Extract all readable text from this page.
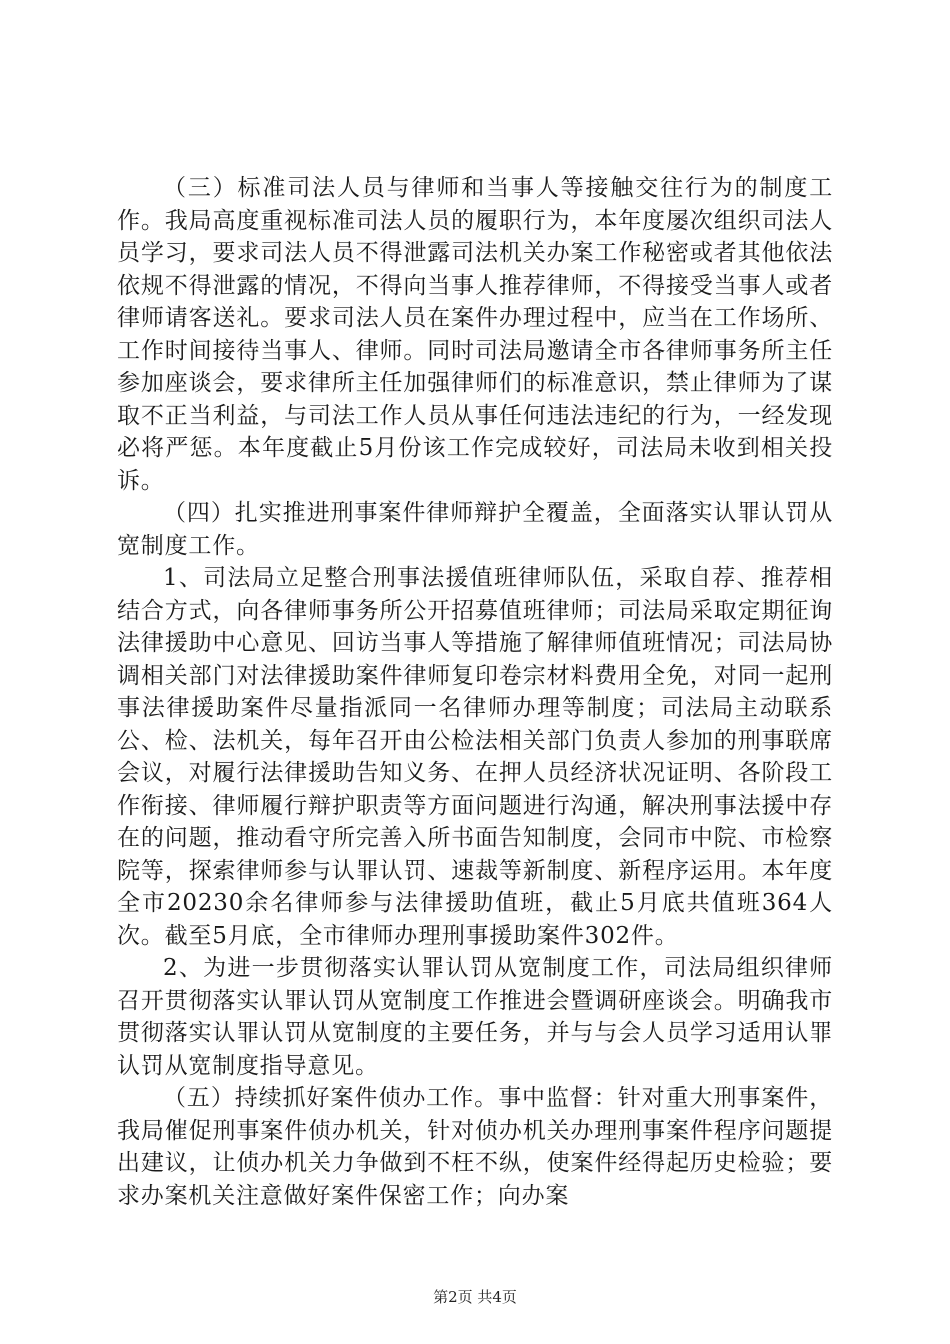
（三）标准司法人员与律师和当事人等接触交往行为的制度工作。我局高度重视标准司法人员的履职行为，本年度屡次组织司法人员学习，要求司法人员不得泄露司法机关办案工作秘密或者其他依法依规不得泄露的情况，不得向当事人推荐律师，不得接受当事人或者律师请客送礼。要求司法人员在案件办理过程中，应当在工作场所、工作时间接待当事人、律师。同时司法局邀请全市各律师事务所主任参加座谈会，要求律所主任加强律师们的标准意识，禁止律师为了谋取不正当利益，与司法工作人员从事任何违法违纪的行为，一经发现必将严惩。本年度截止5月份该工作完成较好，司法局未收到相关投诉。

（四）扎实推进刑事案件律师辩护全覆盖，全面落实认罪认罚从宽制度工作。

1、司法局立足整合刑事法援值班律师队伍，采取自荐、推荐相结合方式，向各律师事务所公开招募值班律师；司法局采取定期征询法律援助中心意见、回访当事人等措施了解律师值班情况；司法局协调相关部门对法律援助案件律师复印卷宗材料费用全免，对同一起刑事法律援助案件尽量指派同一名律师办理等制度；司法局主动联系公、检、法机关，每年召开由公检法相关部门负责人参加的刑事联席会议，对履行法律援助告知义务、在押人员经济状况证明、各阶段工作衔接、律师履行辩护职责等方面问题进行沟通，解决刑事法援中存在的问题，推动看守所完善入所书面告知制度，会同市中院、市检察院等，探索律师参与认罪认罚、速裁等新制度、新程序运用。本年度全市20230余名律师参与法律援助值班，截止5月底共值班364人次。截至5月底，全市律师办理刑事援助案件302件。

2、为进一步贯彻落实认罪认罚从宽制度工作，司法局组织律师召开贯彻落实认罪认罚从宽制度工作推进会暨调研座谈会。明确我市贯彻落实认罪认罚从宽制度的主要任务，并与与会人员学习适用认罪认罚从宽制度指导意见。

（五）持续抓好案件侦办工作。事中监督：针对重大刑事案件，我局催促刑事案件侦办机关，针对侦办机关办理刑事案件程序问题提出建议，让侦办机关力争做到不枉不纵，使案件经得起历史检验；要求办案机关注意做好案件保密工作；向办案

第2页 共4页
